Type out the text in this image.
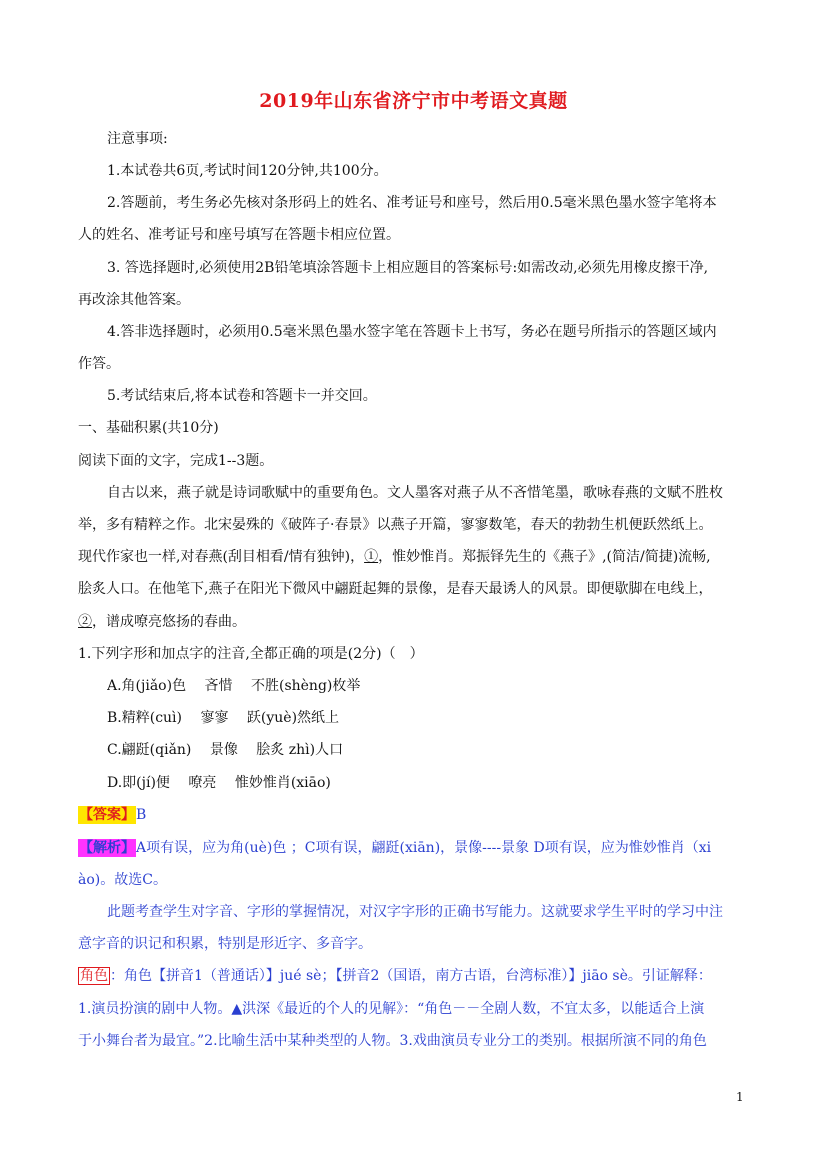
2019年山东省济宁市中考语文真题
注意事项:
1.本试卷共6页,考试时间120分钟,共100分。
2.答题前，考生务必先核对条形码上的姓名、准考证号和座号，然后用0.5毫米黑色墨水签字笔将本
人的姓名、准考证号和座号填写在答题卡相应位置。
3. 答选择题时,必须使用2B铅笔填涂答题卡上相应题目的答案标号:如需改动,必须先用橡皮擦干净,
再改涂其他答案。
4.答非选择题时，必须用0.5毫米黑色墨水签字笔在答题卡上书写，务必在题号所指示的答题区域内
作答。
5.考试结束后,将本试卷和答题卡一并交回。
一、基础积累(共10分)
阅读下面的文字，完成1--3题。
自古以来，燕子就是诗词歌赋中的重要角色。文人墨客对燕子从不吝惜笔墨，歌咏春燕的文赋不胜枚
举，多有精粹之作。北宋晏殊的《破阵子·春景》以燕子开篇，寥寥数笔，春天的勃勃生机便跃然纸上。
现代作家也一样,对春燕(刮目相看/情有独钟)，①，惟妙惟肖。郑振铎先生的《燕子》,(简洁/简捷)流畅,
脍炙人口。在他笔下,燕子在阳光下微风中翩跹起舞的景像，是春天最诱人的风景。即便歇脚在电线上，
②，谱成嘹亮悠扬的春曲。
1.下列字形和加点字的注音,全都正确的项是(2分)（　）
A.角(jiǎo)色　 吝惜　 不胜(shèng)枚举
B.精粹(cuì)　 寥寥　 跃(yuè)然纸上
C.翩跹(qiǎn)　 景像　 脍炙 zhì)人口
D.即(jí)便　 嘹亮　 惟妙惟肖(xiāo)
【答案】B
【解析】A项有误，应为角(uè)色 ；C项有误，翩跹(xiān)，景像----景象 D项有误，应为惟妙惟肖（xi
ào)。故选C。
此题考查学生对字音、字形的掌握情况，对汉字字形的正确书写能力。这就要求学生平时的学习中注
意字音的识记和积累，特别是形近字、多音字。
角色 ：角色【拼音1（普通话）】jué sè；【拼音2（国语，南方古语，台湾标准）】jiāo sè。引证解释：
1.演员扮演的剧中人物。▲洪深《最近的个人的见解》：“角色－－全剧人数，不宜太多，以能适合上演
于小舞台者为最宜。”2.比喻生活中某种类型的人物。3.戏曲演员专业分工的类别。根据所演不同的角色
1
